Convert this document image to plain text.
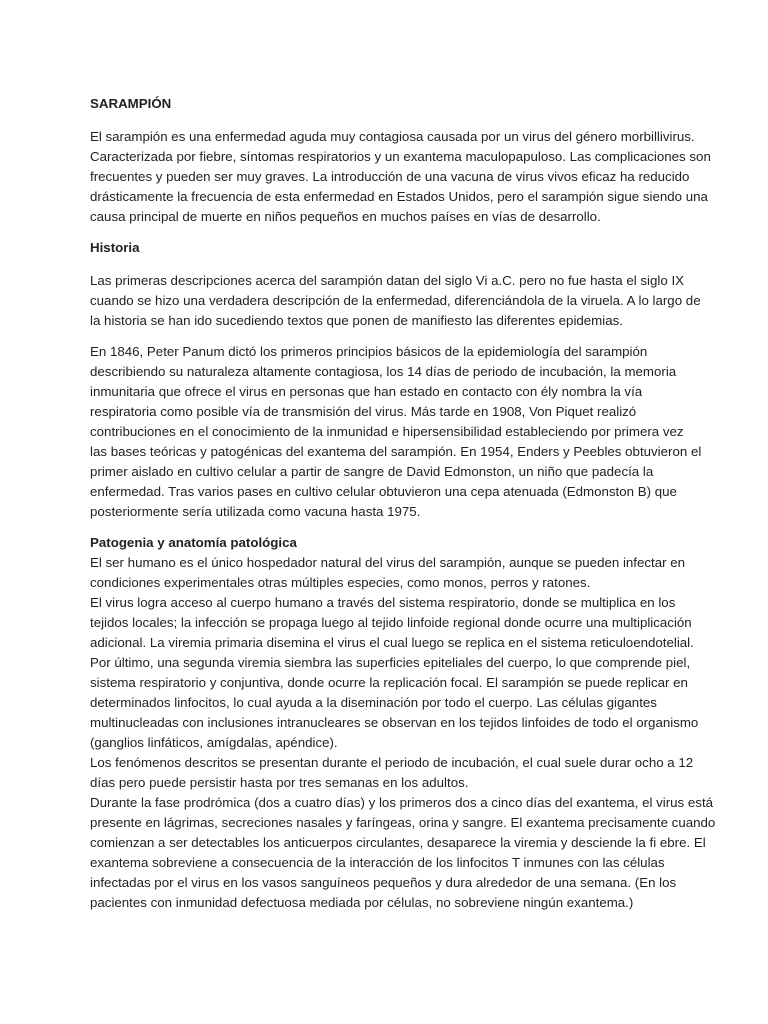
SARAMPIÓN

El sarampión es una enfermedad aguda muy contagiosa causada por un virus del género morbillivirus.
Caracterizada por fiebre, síntomas respiratorios y un exantema maculopapuloso. Las complicaciones son
frecuentes y pueden ser muy graves. La introducción de una vacuna de virus vivos eficaz ha reducido
drásticamente la frecuencia de esta enfermedad en Estados Unidos, pero el sarampión sigue siendo una
causa principal de muerte en niños pequeños en muchos países en vías de desarrollo.

Historia

Las primeras descripciones acerca del sarampión datan del siglo Vi a.C. pero no fue hasta el siglo IX
cuando se hizo una verdadera descripción de la enfermedad, diferenciándola de la viruela. A lo largo de
la historia se han ido sucediendo textos que ponen de manifiesto las diferentes epidemias.

En 1846, Peter Panum dictó los primeros principios básicos de la epidemiología del sarampión
describiendo su naturaleza altamente contagiosa, los 14 días de periodo de incubación, la memoria
inmunitaria que ofrece el virus en personas que han estado en contacto con ély nombra la vía
respiratoria como posible vía de transmisión del virus. Más tarde en 1908, Von Piquet realizó
contribuciones en el conocimiento de la inmunidad e hipersensibilidad estableciendo por primera vez
las bases teóricas y patogénicas del exantema del sarampión. En 1954, Enders y Peebles obtuvieron el
primer aislado en cultivo celular a partir de sangre de David Edmonston, un niño que padecía la
enfermedad. Tras varios pases en cultivo celular obtuvieron una cepa atenuada (Edmonston B) que
posteriormente sería utilizada como vacuna hasta 1975.

Patogenia y anatomía patológica

El ser humano es el único hospedador natural del virus del sarampión, aunque se pueden infectar en
condiciones experimentales otras múltiples especies, como monos, perros y ratones.
El virus logra acceso al cuerpo humano a través del sistema respiratorio, donde se multiplica en los
tejidos locales; la infección se propaga luego al tejido linfoide regional donde ocurre una multiplicación
adicional. La viremia primaria disemina el virus el cual luego se replica en el sistema reticuloendotelial.
Por último, una segunda viremia siembra las superficies epiteliales del cuerpo, lo que comprende piel,
sistema respiratorio y conjuntiva, donde ocurre la replicación focal. El sarampión se puede replicar en
determinados linfocitos, lo cual ayuda a la diseminación por todo el cuerpo. Las células gigantes
multinucleadas con inclusiones intranucleares se observan en los tejidos linfoides de todo el organismo
(ganglios linfáticos, amígdalas, apéndice).
Los fenómenos descritos se presentan durante el periodo de incubación, el cual suele durar ocho a 12
días pero puede persistir hasta por tres semanas en los adultos.
Durante la fase prodrómica (dos a cuatro días) y los primeros dos a cinco días del exantema, el virus está
presente en lágrimas, secreciones nasales y faríngeas, orina y sangre. El exantema precisamente cuando
comienzan a ser detectables los anticuerpos circulantes, desaparece la viremia y desciende la fi ebre. El
exantema sobreviene a consecuencia de la interacción de los linfocitos T inmunes con las células
infectadas por el virus en los vasos sanguíneos pequeños y dura alrededor de una semana. (En los
pacientes con inmunidad defectuosa mediada por células, no sobreviene ningún exantema.)
